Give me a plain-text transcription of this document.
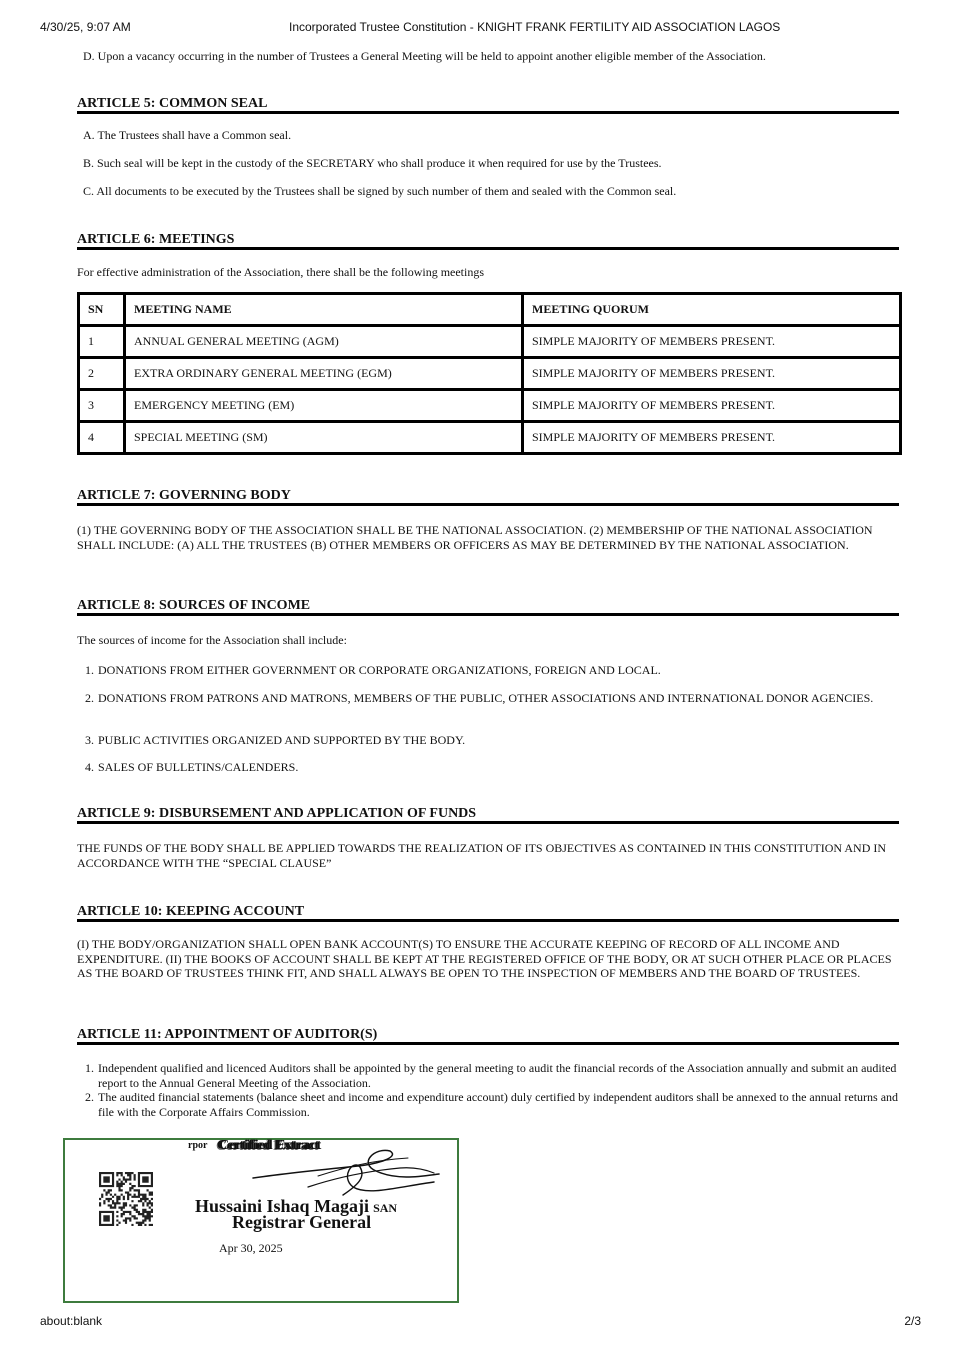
4/30/25, 9:07 AM	Incorporated Trustee Constitution - KNIGHT FRANK FERTILITY AID ASSOCIATION LAGOS
D. Upon a vacancy occurring in the number of Trustees a General Meeting will be held to appoint another eligible member of the Association.
ARTICLE 5: COMMON SEAL
A. The Trustees shall have a Common seal.
B. Such seal will be kept in the custody of the SECRETARY who shall produce it when required for use by the Trustees.
C. All documents to be executed by the Trustees shall be signed by such number of them and sealed with the Common seal.
ARTICLE 6: MEETINGS
For effective administration of the Association, there shall be the following meetings
SN	MEETING NAME	MEETING QUORUM
1	ANNUAL GENERAL MEETING (AGM)	SIMPLE MAJORITY OF MEMBERS PRESENT.
2	EXTRA ORDINARY GENERAL MEETING (EGM)	SIMPLE MAJORITY OF MEMBERS PRESENT.
3	EMERGENCY MEETING (EM)	SIMPLE MAJORITY OF MEMBERS PRESENT.
4	SPECIAL MEETING (SM)	SIMPLE MAJORITY OF MEMBERS PRESENT.
ARTICLE 7: GOVERNING BODY
(1) THE GOVERNING BODY OF THE ASSOCIATION SHALL BE THE NATIONAL ASSOCIATION. (2) MEMBERSHIP OF THE NATIONAL ASSOCIATION SHALL INCLUDE: (A) ALL THE TRUSTEES (B) OTHER MEMBERS OR OFFICERS AS MAY BE DETERMINED BY THE NATIONAL ASSOCIATION.
ARTICLE 8: SOURCES OF INCOME
The sources of income for the Association shall include:
1. DONATIONS FROM EITHER GOVERNMENT OR CORPORATE ORGANIZATIONS, FOREIGN AND LOCAL.
2. DONATIONS FROM PATRONS AND MATRONS, MEMBERS OF THE PUBLIC, OTHER ASSOCIATIONS AND INTERNATIONAL DONOR AGENCIES.
3. PUBLIC ACTIVITIES ORGANIZED AND SUPPORTED BY THE BODY.
4. SALES OF BULLETINS/CALENDERS.
ARTICLE 9: DISBURSEMENT AND APPLICATION OF FUNDS
THE FUNDS OF THE BODY SHALL BE APPLIED TOWARDS THE REALIZATION OF ITS OBJECTIVES AS CONTAINED IN THIS CONSTITUTION AND IN ACCORDANCE WITH THE “SPECIAL CLAUSE”
ARTICLE 10: KEEPING ACCOUNT
(I) THE BODY/ORGANIZATION SHALL OPEN BANK ACCOUNT(S) TO ENSURE THE ACCURATE KEEPING OF RECORD OF ALL INCOME AND EXPENDITURE. (II) THE BOOKS OF ACCOUNT SHALL BE KEPT AT THE REGISTERED OFFICE OF THE BODY, OR AT SUCH OTHER PLACE OR PLACES AS THE BOARD OF TRUSTEES THINK FIT, AND SHALL ALWAYS BE OPEN TO THE INSPECTION OF MEMBERS AND THE BOARD OF TRUSTEES.
ARTICLE 11: APPOINTMENT OF AUDITOR(S)
1. Independent qualified and licenced Auditors shall be appointed by the general meeting to audit the financial records of the Association annually and submit an audited report to the Annual General Meeting of the Association.
2. The audited financial statements (balance sheet and income and expenditure account) duly certified by independent auditors shall be annexed to the annual returns and file with the Corporate Affairs Commission.
rpor Certified Extract
Hussaini Ishaq Magaji SAN
Registrar General
Apr 30, 2025
about:blank	2/3
